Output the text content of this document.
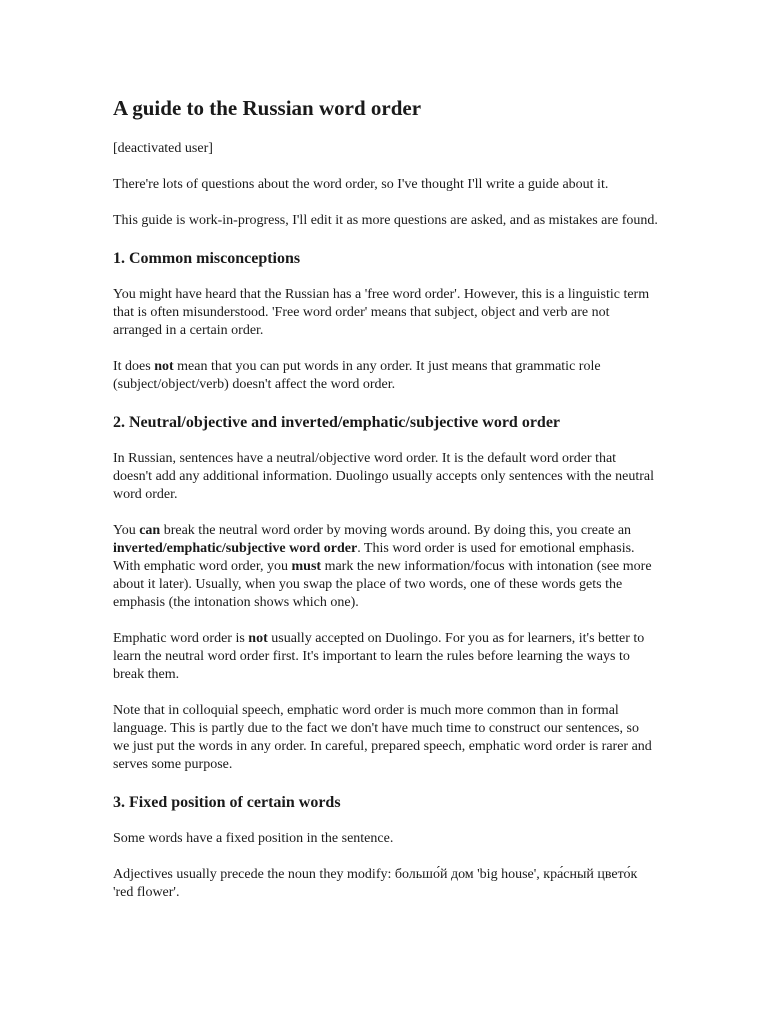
A guide to the Russian word order

[deactivated user]

There're lots of questions about the word order, so I've thought I'll write a guide about it.

This guide is work-in-progress, I'll edit it as more questions are asked, and as mistakes are found.

1. Common misconceptions

You might have heard that the Russian has a 'free word order'. However, this is a linguistic term that is often misunderstood. 'Free word order' means that subject, object and verb are not arranged in a certain order.

It does not mean that you can put words in any order. It just means that grammatic role (subject/object/verb) doesn't affect the word order.

2. Neutral/objective and inverted/emphatic/subjective word order

In Russian, sentences have a neutral/objective word order. It is the default word order that doesn't add any additional information. Duolingo usually accepts only sentences with the neutral word order.

You can break the neutral word order by moving words around. By doing this, you create an inverted/emphatic/subjective word order. This word order is used for emotional emphasis. With emphatic word order, you must mark the new information/focus with intonation (see more about it later). Usually, when you swap the place of two words, one of these words gets the emphasis (the intonation shows which one).

Emphatic word order is not usually accepted on Duolingo. For you as for learners, it's better to learn the neutral word order first. It's important to learn the rules before learning the ways to break them.

Note that in colloquial speech, emphatic word order is much more common than in formal language. This is partly due to the fact we don't have much time to construct our sentences, so we just put the words in any order. In careful, prepared speech, emphatic word order is rarer and serves some purpose.

3. Fixed position of certain words

Some words have a fixed position in the sentence.

Adjectives usually precede the noun they modify: большо́й дом 'big house', кра́сный цвето́к 'red flower'.
